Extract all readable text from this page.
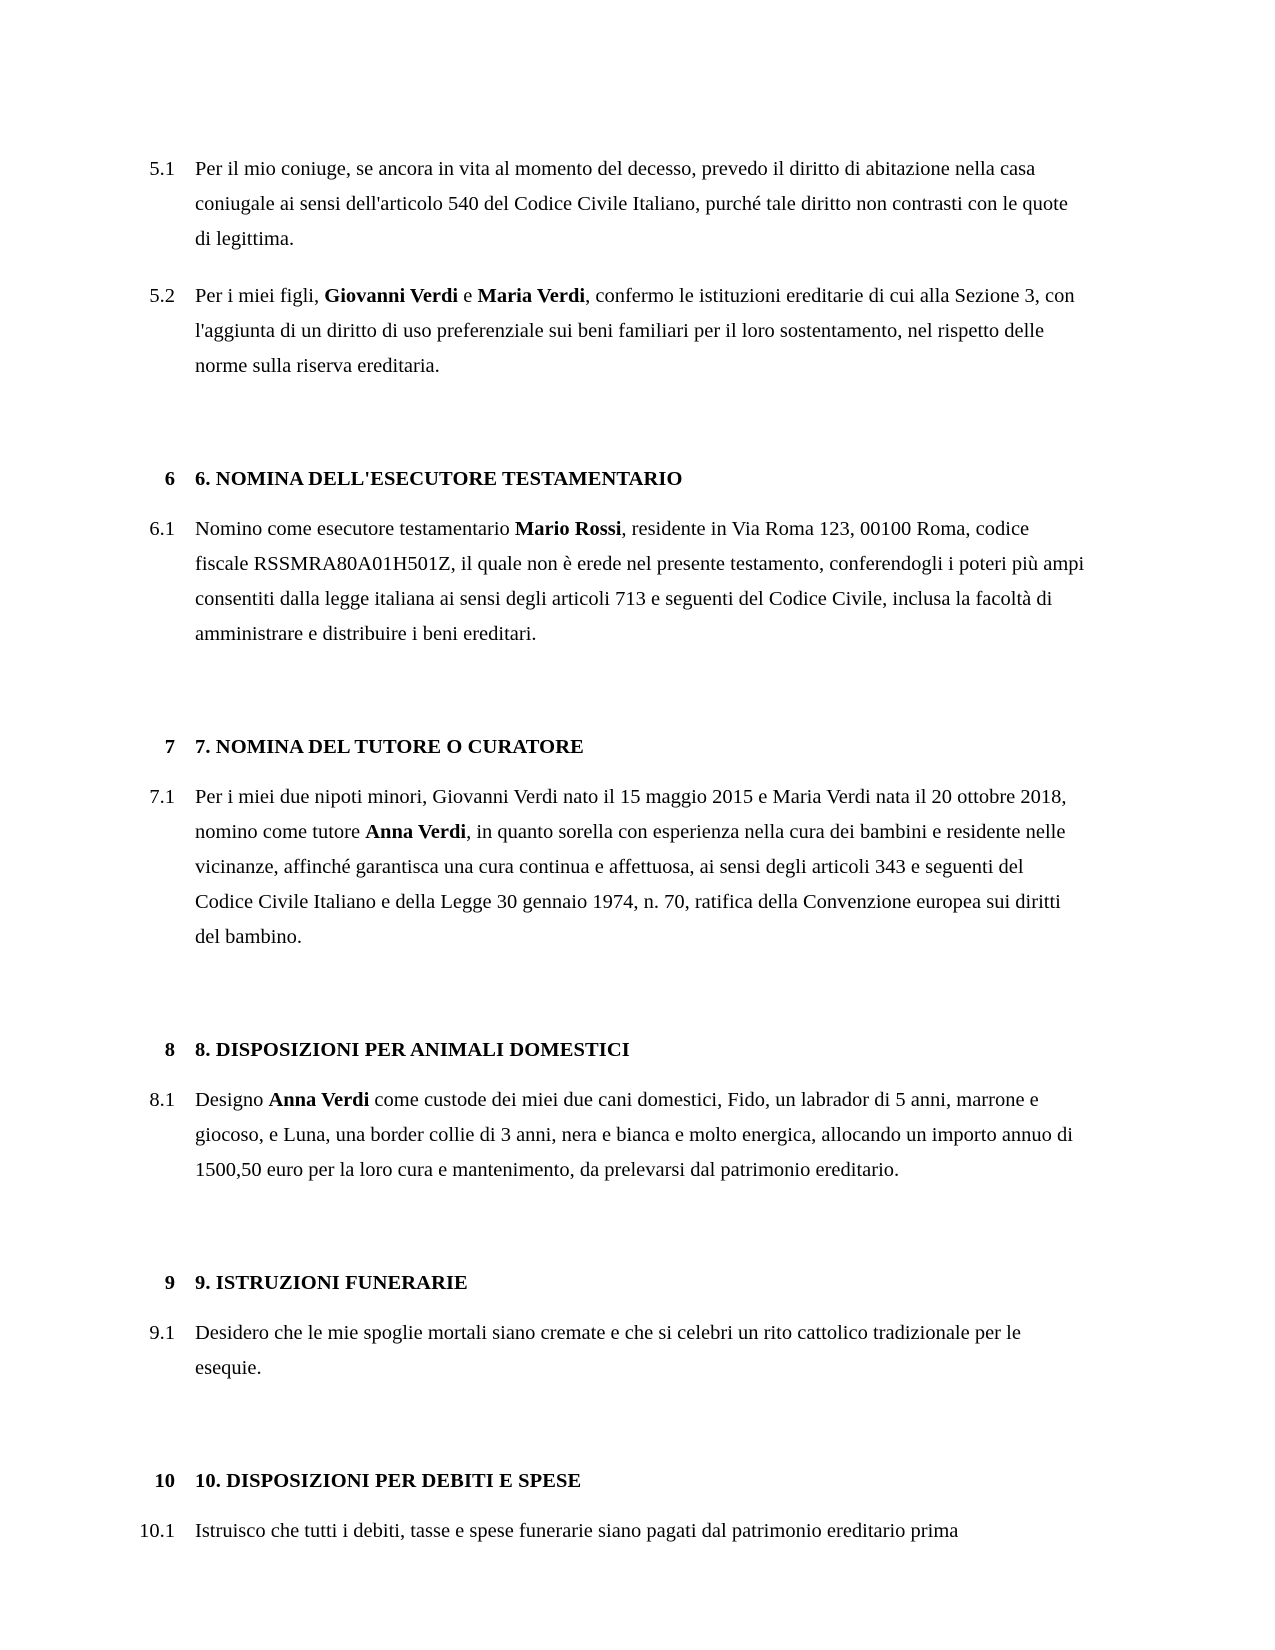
5.1 Per il mio coniuge, se ancora in vita al momento del decesso, prevedo il diritto di abitazione nella casa coniugale ai sensi dell'articolo 540 del Codice Civile Italiano, purché tale diritto non contrasti con le quote di legittima.
5.2 Per i miei figli, Giovanni Verdi e Maria Verdi, confermo le istituzioni ereditarie di cui alla Sezione 3, con l'aggiunta di un diritto di uso preferenziale sui beni familiari per il loro sostentamento, nel rispetto delle norme sulla riserva ereditaria.
6 6. NOMINA DELL'ESECUTORE TESTAMENTARIO
6.1 Nomino come esecutore testamentario Mario Rossi, residente in Via Roma 123, 00100 Roma, codice fiscale RSSMRA80A01H501Z, il quale non è erede nel presente testamento, conferendogli i poteri più ampi consentiti dalla legge italiana ai sensi degli articoli 713 e seguenti del Codice Civile, inclusa la facoltà di amministrare e distribuire i beni ereditari.
7 7. NOMINA DEL TUTORE O CURATORE
7.1 Per i miei due nipoti minori, Giovanni Verdi nato il 15 maggio 2015 e Maria Verdi nata il 20 ottobre 2018, nomino come tutore Anna Verdi, in quanto sorella con esperienza nella cura dei bambini e residente nelle vicinanze, affinché garantisca una cura continua e affettuosa, ai sensi degli articoli 343 e seguenti del Codice Civile Italiano e della Legge 30 gennaio 1974, n. 70, ratifica della Convenzione europea sui diritti del bambino.
8 8. DISPOSIZIONI PER ANIMALI DOMESTICI
8.1 Designo Anna Verdi come custode dei miei due cani domestici, Fido, un labrador di 5 anni, marrone e giocoso, e Luna, una border collie di 3 anni, nera e bianca e molto energica, allocando un importo annuo di 1500,50 euro per la loro cura e mantenimento, da prelevarsi dal patrimonio ereditario.
9 9. ISTRUZIONI FUNERARIE
9.1 Desidero che le mie spoglie mortali siano cremate e che si celebri un rito cattolico tradizionale per le esequie.
10 10. DISPOSIZIONI PER DEBITI E SPESE
10.1 Istruisco che tutti i debiti, tasse e spese funerarie siano pagati dal patrimonio ereditario prima
